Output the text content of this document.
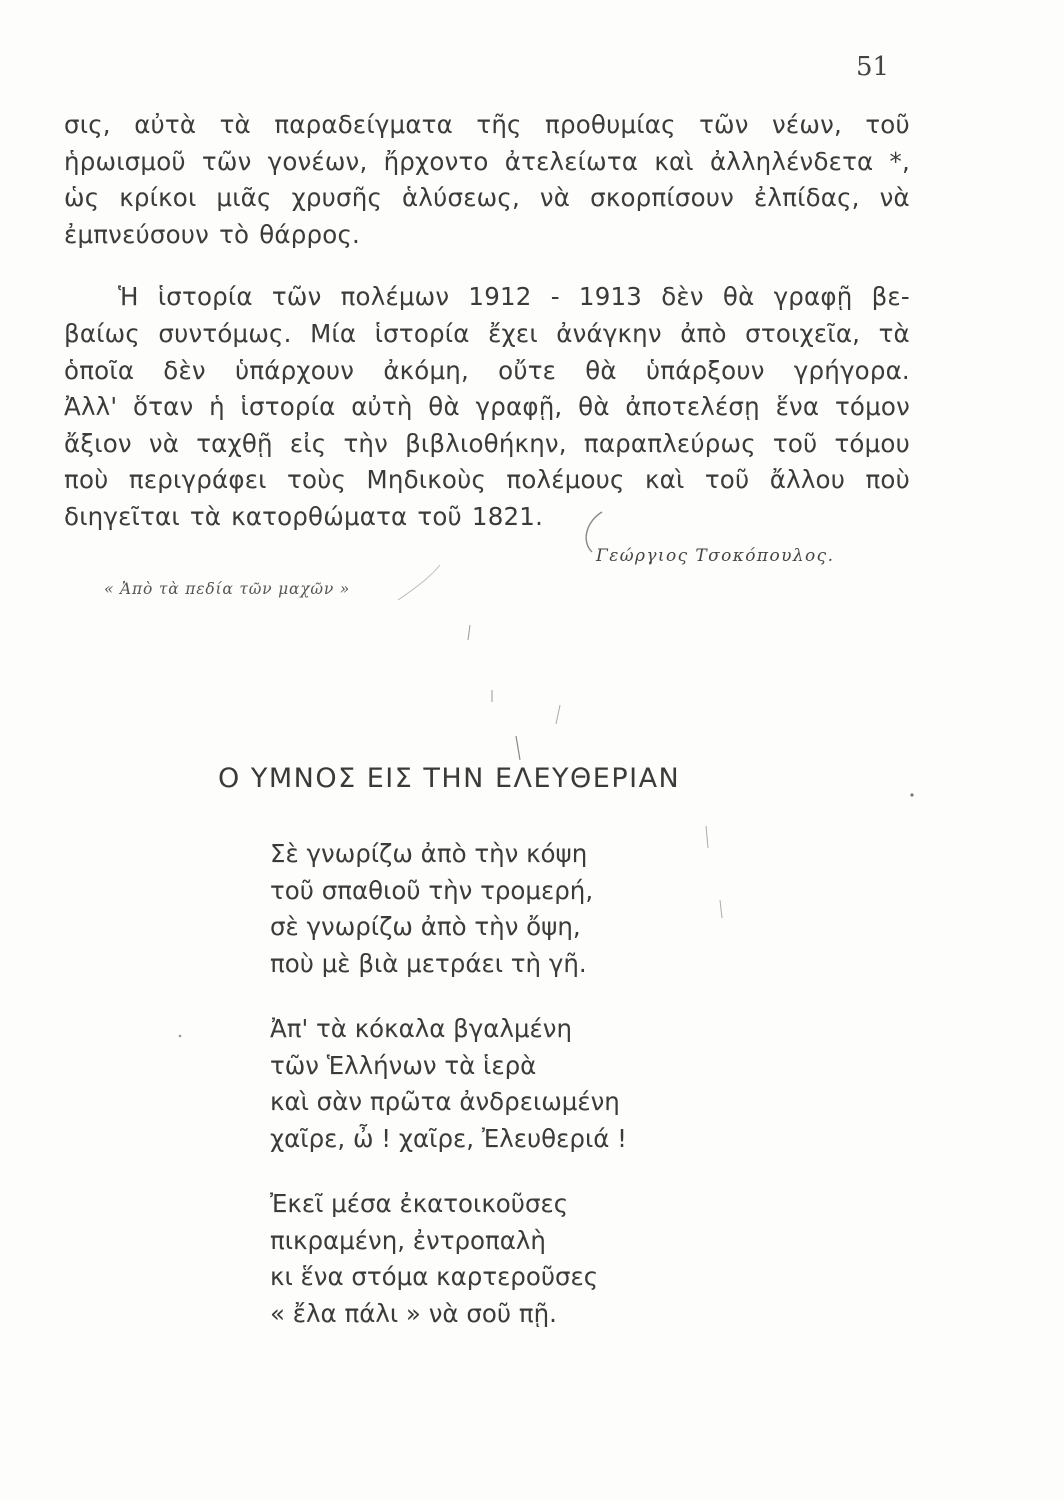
51
σις, αὐτὰ τὰ παραδείγματα τῆς προθυμίας τῶν νέων, τοῦ
ἡρωισμοῦ τῶν γονέων, ἤρχοντο ἀτελείωτα καὶ ἀλληλένδετα *,
ὡς κρίκοι μιᾶς χρυσῆς ἁλύσεως, νὰ σκορπίσουν ἐλπίδας, νὰ
ἐμπνεύσουν τὸ θάρρος.
Ἡ ἱστορία τῶν πολέμων 1912 - 1913 δὲν θὰ γραφῇ βε-
βαίως συντόμως. Μία ἱστορία ἔχει ἀνάγκην ἀπὸ στοιχεῖα, τὰ
ὁποῖα δὲν ὑπάρχουν ἀκόμη, οὔτε θὰ ὑπάρξουν γρήγορα.
Ἀλλ' ὅταν ἡ ἱστορία αὐτὴ θὰ γραφῇ, θὰ ἀποτελέσῃ ἕνα τόμον
ἄξιον νὰ ταχθῇ εἰς τὴν βιβλιοθήκην, παραπλεύρως τοῦ τόμου
ποὺ περιγράφει τοὺς Μηδικοὺς πολέμους καὶ τοῦ ἄλλου ποὺ
διηγεῖται τὰ κατορθώματα τοῦ 1821.
Γεώργιος Τσοκόπουλος.
« Ἀπὸ τὰ πεδία τῶν μαχῶν »
Ο ΥΜΝΟΣ ΕΙΣ ΤΗΝ ΕΛΕΥΘΕΡΙΑΝ
Σὲ γνωρίζω ἀπὸ τὴν κόψη
τοῦ σπαθιοῦ τὴν τρομερή,
σὲ γνωρίζω ἀπὸ τὴν ὄψη,
ποὺ μὲ βιὰ μετράει τὴ γῆ.
Ἀπ' τὰ κόκαλα βγαλμένη
τῶν Ἑλλήνων τὰ ἱερὰ
καὶ σὰν πρῶτα ἀνδρειωμένη
χαῖρε, ὦ ! χαῖρε, Ἐλευθεριά !
Ἐκεῖ μέσα ἐκατοικοῦσες
πικραμένη, ἐντροπαλὴ
κι ἕνα στόμα καρτεροῦσες
« ἔλα πάλι » νὰ σοῦ πῇ.
